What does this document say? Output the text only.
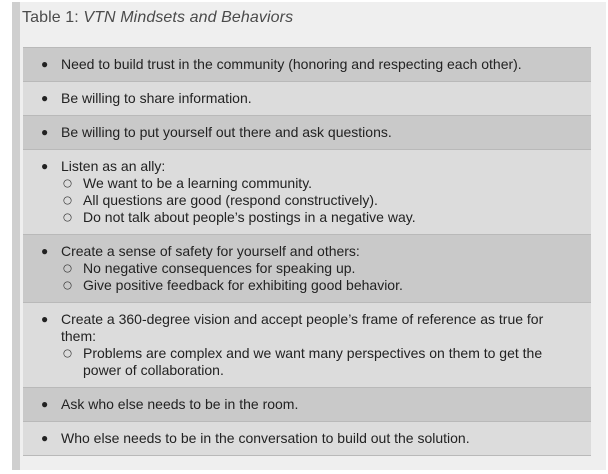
Table 1: VTN Mindsets and Behaviors
● Need to build trust in the community (honoring and respecting each other).
● Be willing to share information.
● Be willing to put yourself out there and ask questions.
● Listen as an ally:
We want to be a learning community.
All questions are good (respond constructively).
Do not talk about people’s postings in a negative way.
● Create a sense of safety for yourself and others:
No negative consequences for speaking up.
Give positive feedback for exhibiting good behavior.
● Create a 360-degree vision and accept people’s frame of reference as true for them:
Problems are complex and we want many perspectives on them to get the power of collaboration.
● Ask who else needs to be in the room.
● Who else needs to be in the conversation to build out the solution.
